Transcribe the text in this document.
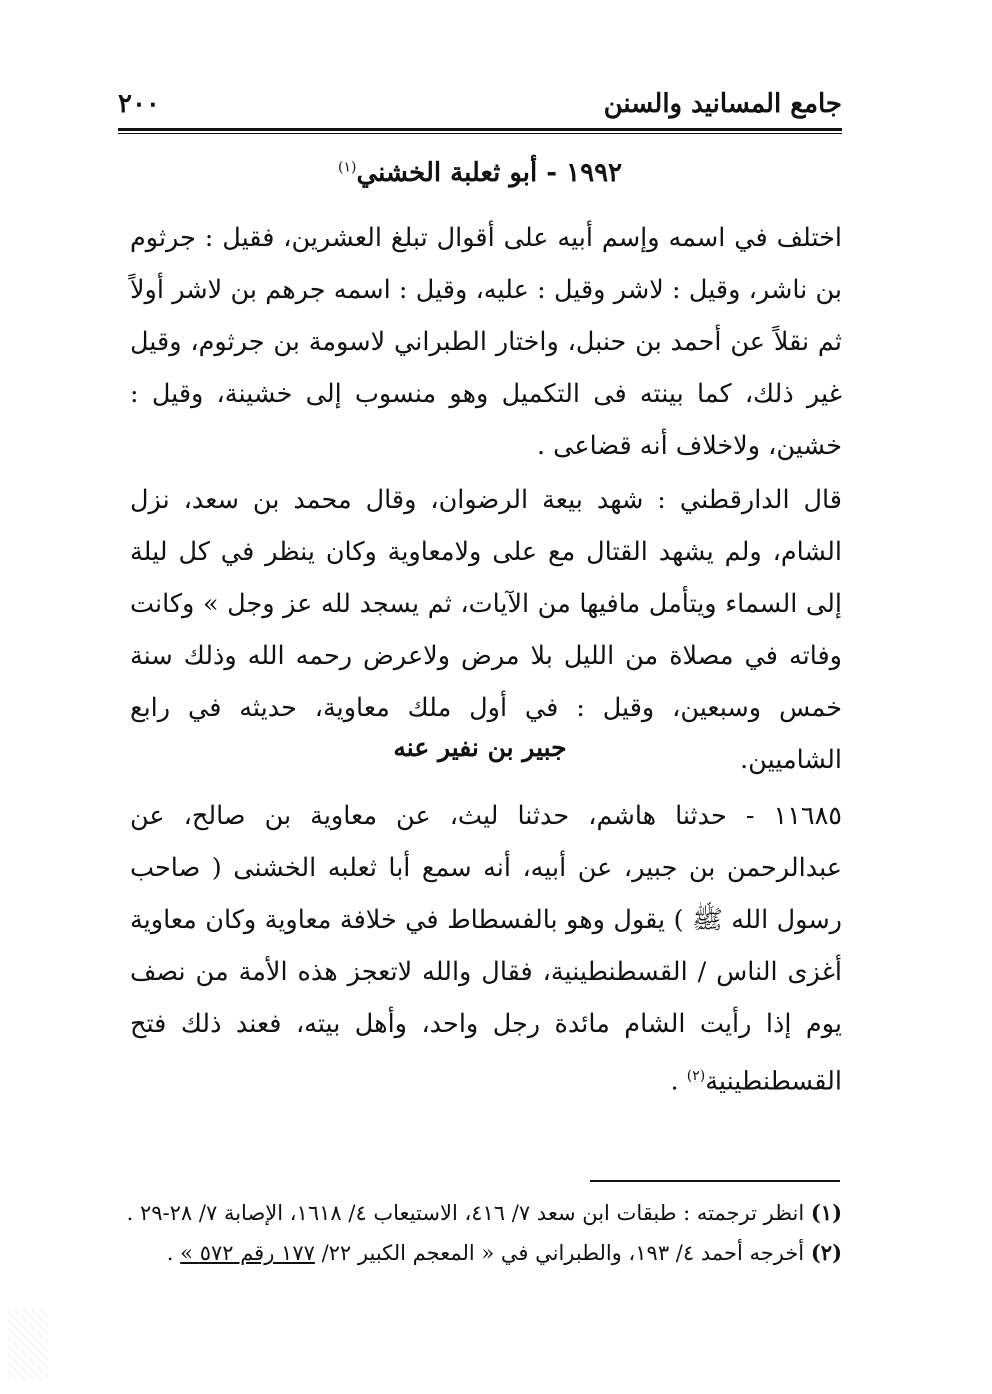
جامع المسانيد والسنن
٢٠٠
١٩٩٢ - أبو ثعلبة الخشني$^{(١)}$
اختلف في اسمه وإسم أبيه على أقوال تبلغ العشرين، فقيل : جرثوم بن ناشر، وقيل : لاشر وقيل : عليه، وقيل : اسمه جرهم بن لاشر أولاً ثم نقلاً عن أحمد بن حنبل، واختار الطبراني لاسومة بن جرثوم، وقيل غير ذلك، كما بينته فى التكميل وهو منسوب إلى خشينة، وقيل : خشين، ولاخلاف أنه قضاعى .
قال الدارقطني : شهد بيعة الرضوان، وقال محمد بن سعد، نزل الشام، ولم يشهد القتال مع على ولامعاوية وكان ينظر في كل ليلة إلى السماء ويتأمل مافيها من الآيات، ثم يسجد لله عز وجل » وكانت وفاته في مصلاة من الليل بلا مرض ولاعرض رحمه الله وذلك سنة خمس وسبعين، وقيل : في أول ملك معاوية، حديثه في رابع الشاميين.
جبير بن نفير عنه
١١٦٨٥ - حدثنا هاشم، حدثنا ليث، عن معاوية بن صالح، عن عبدالرحمن بن جبير، عن أبيه، أنه سمع أبا ثعلبه الخشنى ( صاحب رسول الله ﷺ ) يقول وهو بالفسطاط في خلافة معاوية وكان معاوية أغزى الناس / القسطنطينية، فقال والله لاتعجز هذه الأمة من نصف يوم إذا رأيت الشام مائدة رجل واحد، وأهل بيته، فعند ذلك فتح القسطنطينية$^{(٢)}$ .

(١) انظر ترجمته : طبقات ابن سعد ٧/ ٤١٦، الاستيعاب ٤/ ١٦١٨، الإصابة ٧/ ٢٨-٢٩ .

(٢) أخرجه أحمد ٤/ ١٩٣، والطبراني في « المعجم الكبير ٢٢/ ١٧٧ رقم ٥٧٢ » .
